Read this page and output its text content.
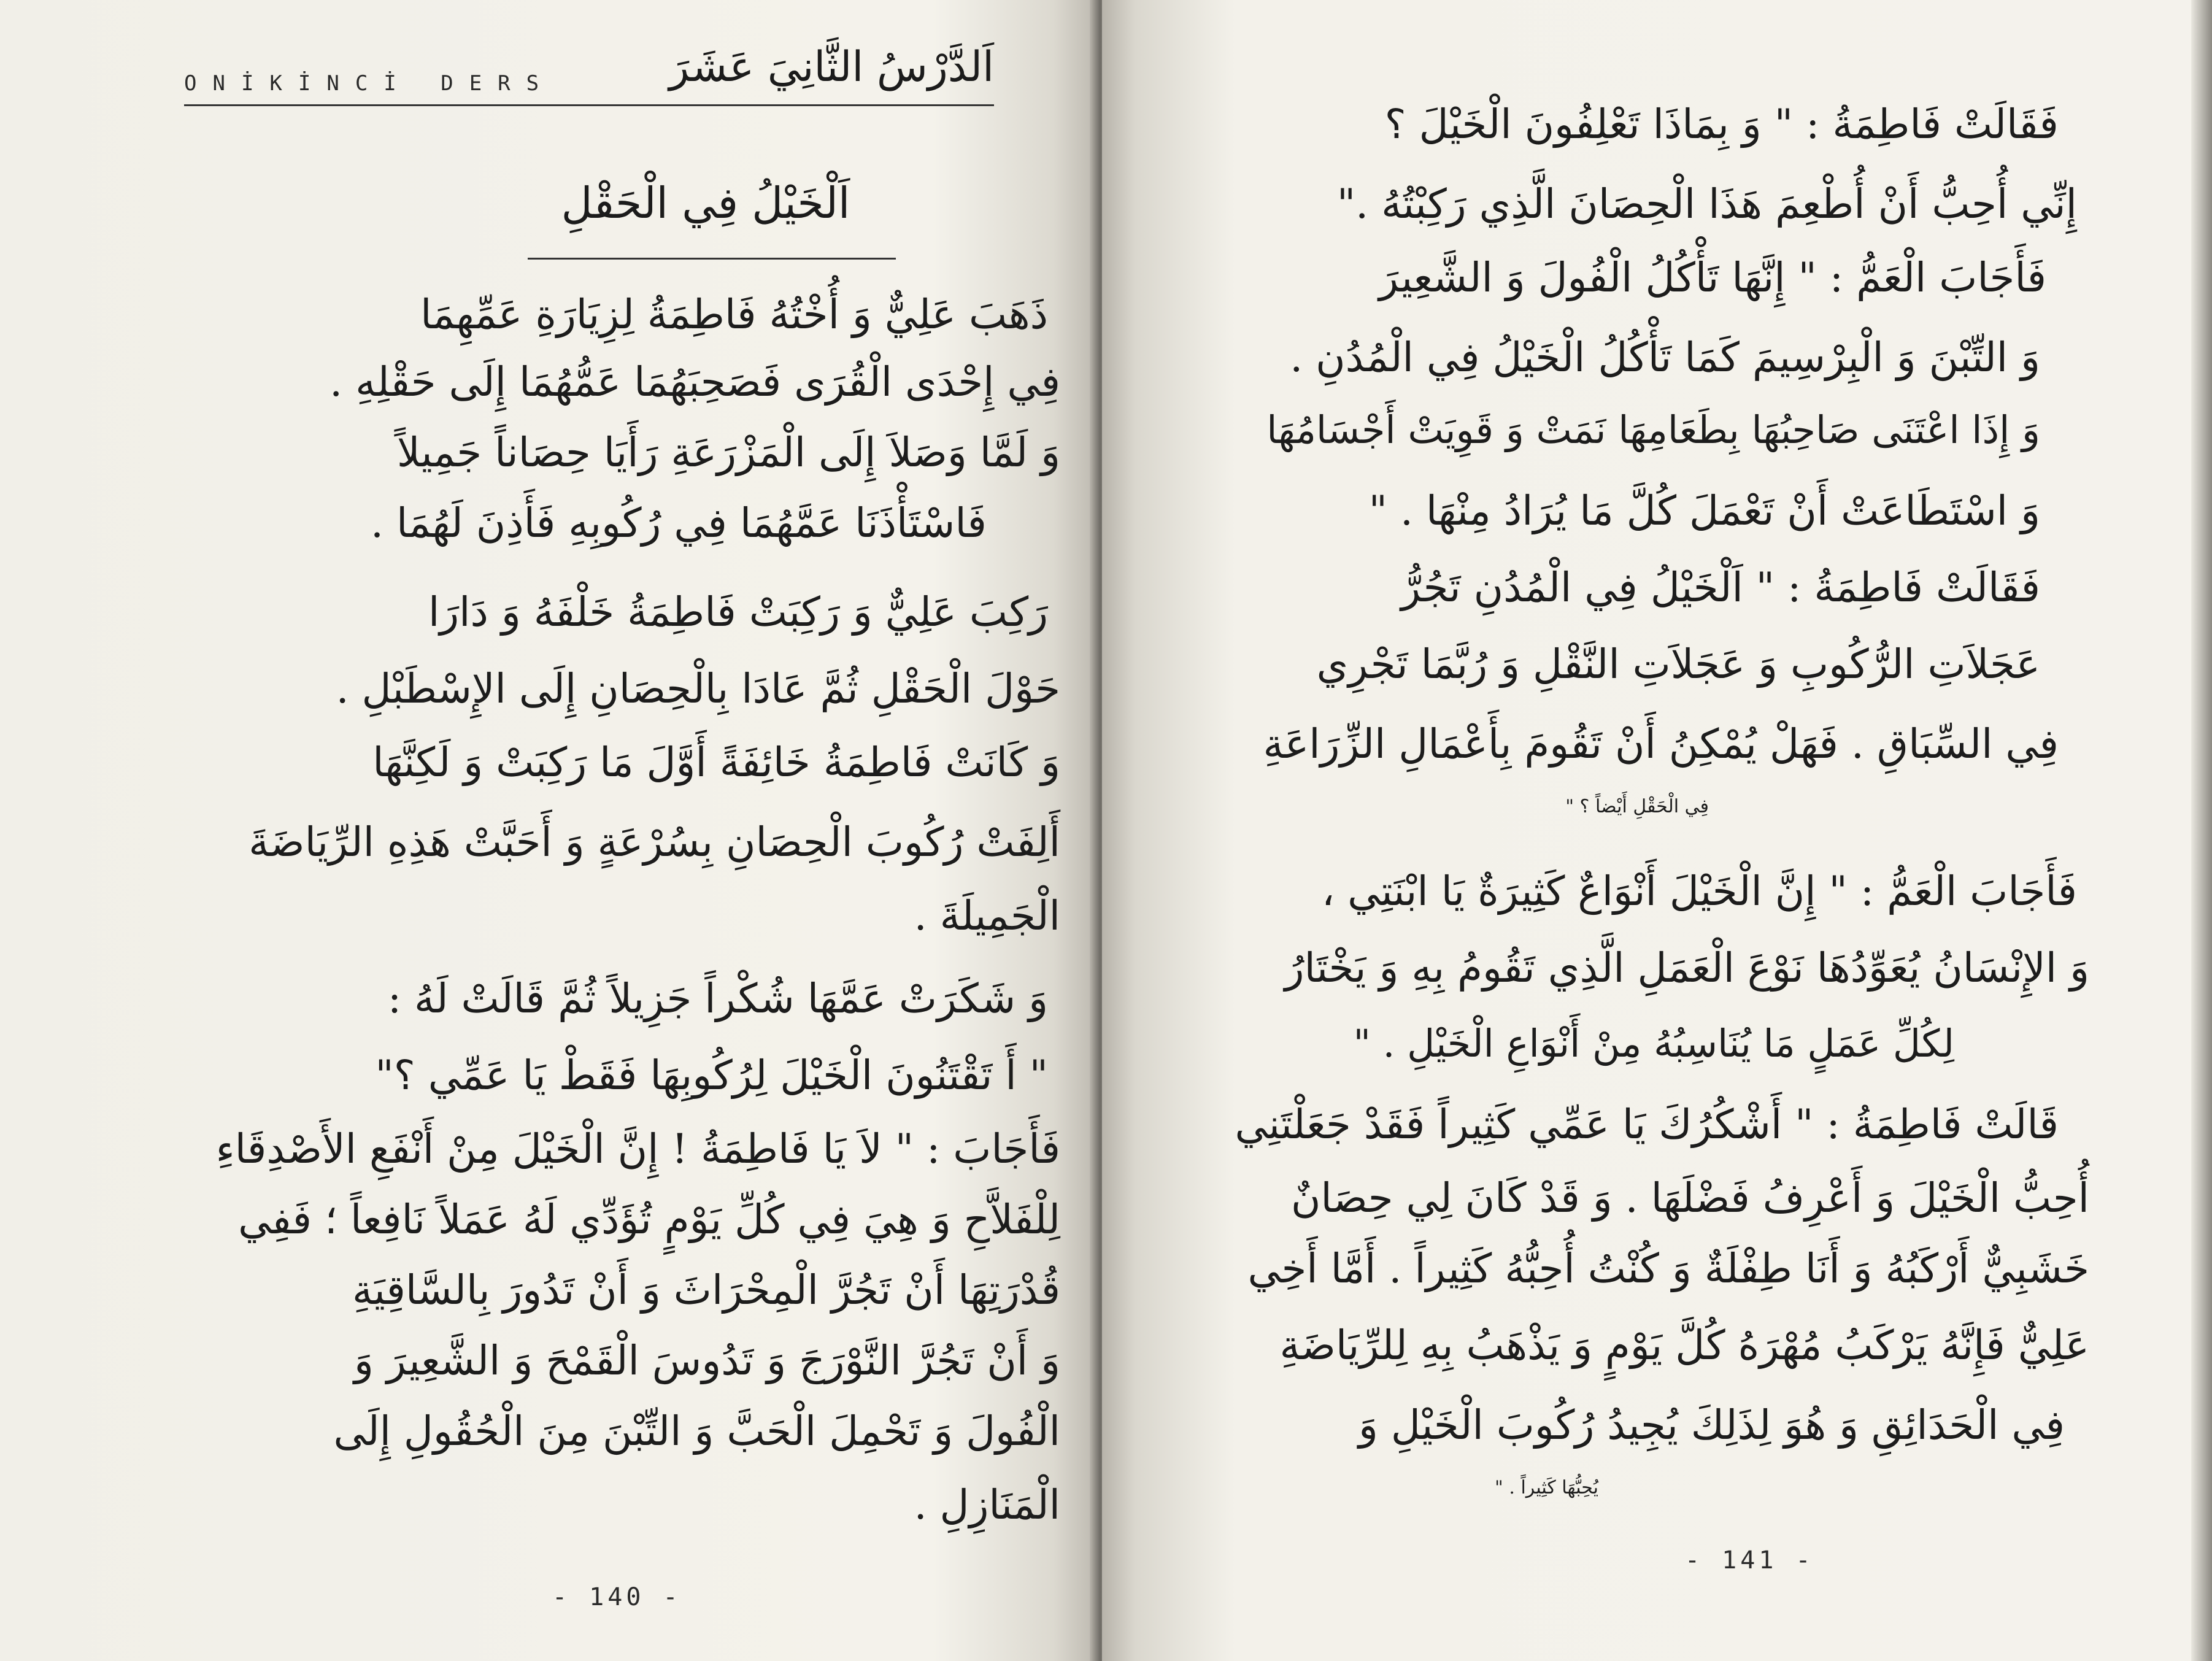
ONİKİNCİ DERS	اَلدَّرْسُ الثَّانِيَ عَشَرَ
اَلْخَيْلُ فِي الْحَقْلِ
ذَهَبَ عَلِيٌّ وَ أُخْتُهُ فَاطِمَةُ لِزِيَارَةِ عَمِّهِمَا
فِي إِحْدَى الْقُرَى فَصَحِبَهُمَا عَمُّهُمَا إِلَى حَقْلِهِ .
وَ لَمَّا وَصَلاَ إِلَى الْمَزْرَعَةِ رَأَيَا حِصَاناً جَمِيلاً
فَاسْتَأْذَنَا عَمَّهُمَا فِي رُكُوبِهِ فَأَذِنَ لَهُمَا .
رَكِبَ عَلِيٌّ وَ رَكِبَتْ فَاطِمَةُ خَلْفَهُ وَ دَارَا
حَوْلَ الْحَقْلِ ثُمَّ عَادَا بِالْحِصَانِ إِلَى الإِسْطَبْلِ .
وَ كَانَتْ فَاطِمَةُ خَائِفَةً أَوَّلَ مَا رَكِبَتْ وَ لَكِنَّهَا
أَلِفَتْ رُكُوبَ الْحِصَانِ بِسُرْعَةٍ وَ أَحَبَّتْ هَذِهِ الرِّيَاضَةَ
الْجَمِيلَةَ .
وَ شَكَرَتْ عَمَّهَا شُكْراً جَزِيلاً ثُمَّ قَالَتْ لَهُ :
" أَ تَقْتَنُونَ الْخَيْلَ لِرُكُوبِهَا فَقَطْ يَا عَمِّي ؟"
فَأَجَابَ : " لاَ يَا فَاطِمَةُ ! إِنَّ الْخَيْلَ مِنْ أَنْفَعِ الأَصْدِقَاءِ
لِلْفَلاَّحِ وَ هِيَ فِي كُلِّ يَوْمٍ تُؤَدِّي لَهُ عَمَلاً نَافِعاً ؛ فَفِي
قُدْرَتِهَا أَنْ تَجُرَّ الْمِحْرَاثَ وَ أَنْ تَدُورَ بِالسَّاقِيَةِ
وَ أَنْ تَجُرَّ النَّوْرَجَ وَ تَدُوسَ الْقَمْحَ وَ الشَّعِيرَ وَ
الْفُولَ وَ تَحْمِلَ الْحَبَّ وَ التِّبْنَ مِنَ الْحُقُولِ إِلَى
الْمَنَازِلِ .
- 140 -
فَقَالَتْ فَاطِمَةُ : " وَ بِمَاذَا تَعْلِفُونَ الْخَيْلَ ؟
إِنِّي أُحِبُّ أَنْ أُطْعِمَ هَذَا الْحِصَانَ الَّذِي رَكِبْتُهُ ."
فَأَجَابَ الْعَمُّ : " إِنَّهَا تَأْكُلُ الْفُولَ وَ الشَّعِيرَ
وَ التِّبْنَ وَ الْبِرْسِيمَ كَمَا تَأْكُلُ الْخَيْلُ فِي الْمُدُنِ .
وَ إِذَا اعْتَنَى صَاحِبُهَا بِطَعَامِهَا نَمَتْ وَ قَوِيَتْ أَجْسَامُهَا
وَ اسْتَطَاعَتْ أَنْ تَعْمَلَ كُلَّ مَا يُرَادُ مِنْهَا . "
فَقَالَتْ فَاطِمَةُ : " اَلْخَيْلُ فِي الْمُدُنِ تَجُرُّ
عَجَلاَتِ الرُّكُوبِ وَ عَجَلاَتِ النَّقْلِ وَ رُبَّمَا تَجْرِي
فِي السِّبَاقِ . فَهَلْ يُمْكِنُ أَنْ تَقُومَ بِأَعْمَالِ الزِّرَاعَةِ
فِي الْحَقْلِ أَيْضاً ؟ "
فَأَجَابَ الْعَمُّ : " إِنَّ الْخَيْلَ أَنْوَاعٌ كَثِيرَةٌ يَا ابْنَتِي ،
وَ الإِنْسَانُ يُعَوِّدُهَا نَوْعَ الْعَمَلِ الَّذِي تَقُومُ بِهِ وَ يَخْتَارُ
لِكُلِّ عَمَلٍ مَا يُنَاسِبُهُ مِنْ أَنْوَاعِ الْخَيْلِ . "
قَالَتْ فَاطِمَةُ : " أَشْكُرُكَ يَا عَمِّي كَثِيراً فَقَدْ جَعَلْتَنِي
أُحِبُّ الْخَيْلَ وَ أَعْرِفُ فَضْلَهَا . وَ قَدْ كَانَ لِي حِصَانٌ
خَشَبِيٌّ أَرْكَبُهُ وَ أَنَا طِفْلَةٌ وَ كُنْتُ أُحِبُّهُ كَثِيراً . أَمَّا أَخِي
عَلِيٌّ فَإِنَّهُ يَرْكَبُ مُهْرَهُ كُلَّ يَوْمٍ وَ يَذْهَبُ بِهِ لِلرِّيَاضَةِ
فِي الْحَدَائِقِ وَ هُوَ لِذَلِكَ يُجِيدُ رُكُوبَ الْخَيْلِ وَ
يُحِبُّهَا كَثِيراً . "
- 141 -
